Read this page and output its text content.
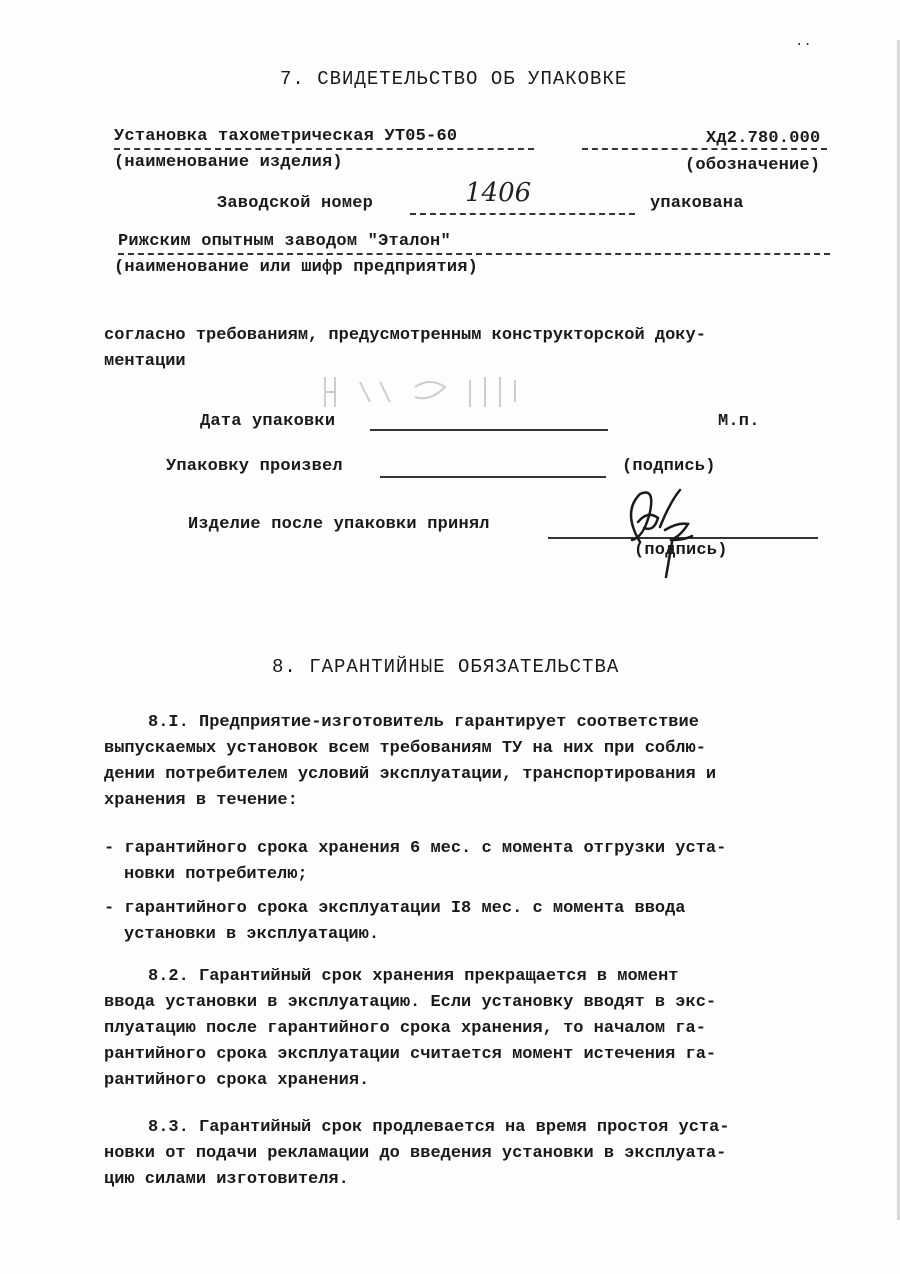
..
7. СВИДЕТЕЛЬСТВО ОБ УПАКОВКЕ
Установка тахометрическая УТ05-60	Хд2.780.000
(наименование изделия)	(обозначение)
Заводской номер	1406	упакована
Рижским опытным заводом "Эталон"
(наименование или шифр предприятия)
согласно требованиям, предусмотренным конструкторской доку-
ментации
Дата упаковки	М.п.
Упаковку произвел	(подпись)
Изделие после упаковки принял
(подпись)
8. ГАРАНТИЙНЫЕ ОБЯЗАТЕЛЬСТВА
8.I. Предприятие-изготовитель гарантирует соответствие
выпускаемых установок всем требованиям ТУ на них при соблю-
дении потребителем условий эксплуатации, транспортирования и
хранения в течение:
- гарантийного срока хранения 6 мес. с момента отгрузки уста-
новки потребителю;
- гарантийного срока эксплуатации I8 мес. с момента ввода
установки в эксплуатацию.
8.2. Гарантийный срок хранения прекращается в момент
ввода установки в эксплуатацию. Если установку вводят в экс-
плуатацию после гарантийного срока хранения, то началом га-
рантийного срока эксплуатации считается момент истечения га-
рантийного срока хранения.
8.3. Гарантийный срок продлевается на время простоя уста-
новки от подачи рекламации до введения установки в эксплуата-
цию силами изготовителя.
